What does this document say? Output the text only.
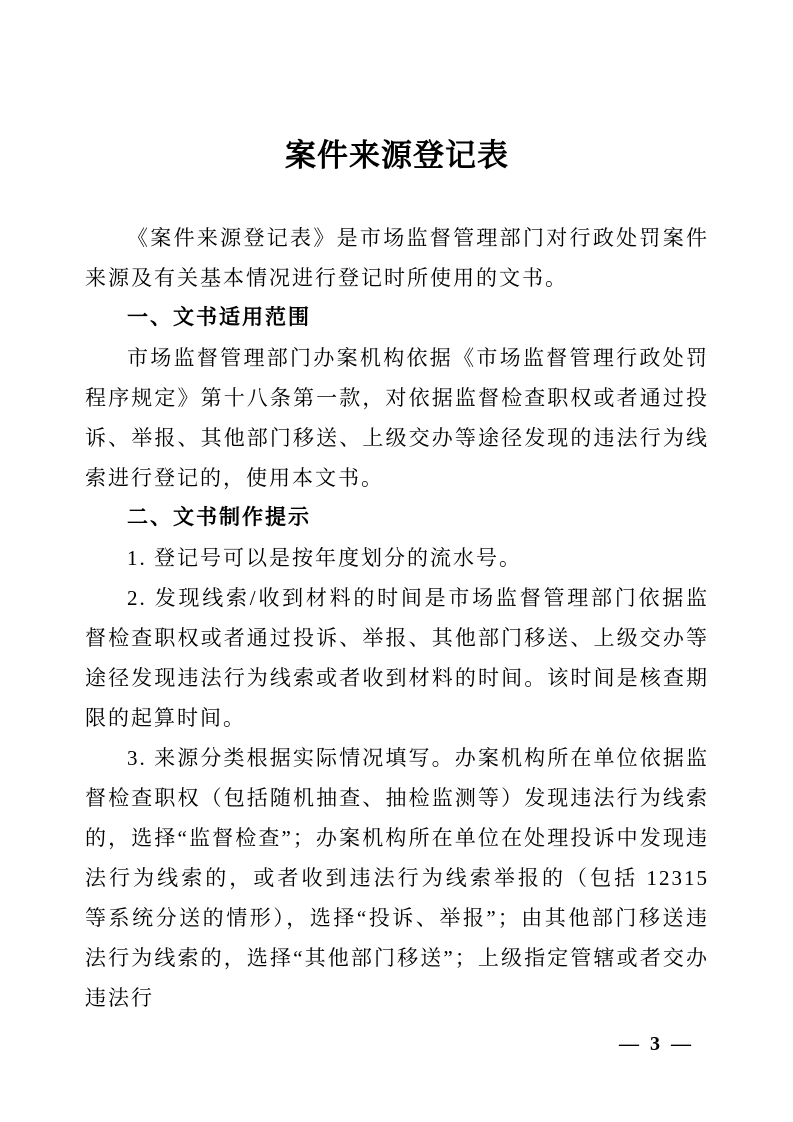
案件来源登记表

《案件来源登记表》是市场监督管理部门对行政处罚案件来源及有关基本情况进行登记时所使用的文书。

一、文书适用范围

市场监督管理部门办案机构依据《市场监督管理行政处罚程序规定》第十八条第一款，对依据监督检查职权或者通过投诉、举报、其他部门移送、上级交办等途径发现的违法行为线索进行登记的，使用本文书。

二、文书制作提示

1. 登记号可以是按年度划分的流水号。

2. 发现线索/收到材料的时间是市场监督管理部门依据监督检查职权或者通过投诉、举报、其他部门移送、上级交办等途径发现违法行为线索或者收到材料的时间。该时间是核查期限的起算时间。

3. 来源分类根据实际情况填写。办案机构所在单位依据监督检查职权（包括随机抽查、抽检监测等）发现违法行为线索的，选择“监督检查”；办案机构所在单位在处理投诉中发现违法行为线索的，或者收到违法行为线索举报的（包括 12315 等系统分送的情形），选择“投诉、举报”；由其他部门移送违法行为线索的，选择“其他部门移送”；上级指定管辖或者交办违法行

— 3 —
